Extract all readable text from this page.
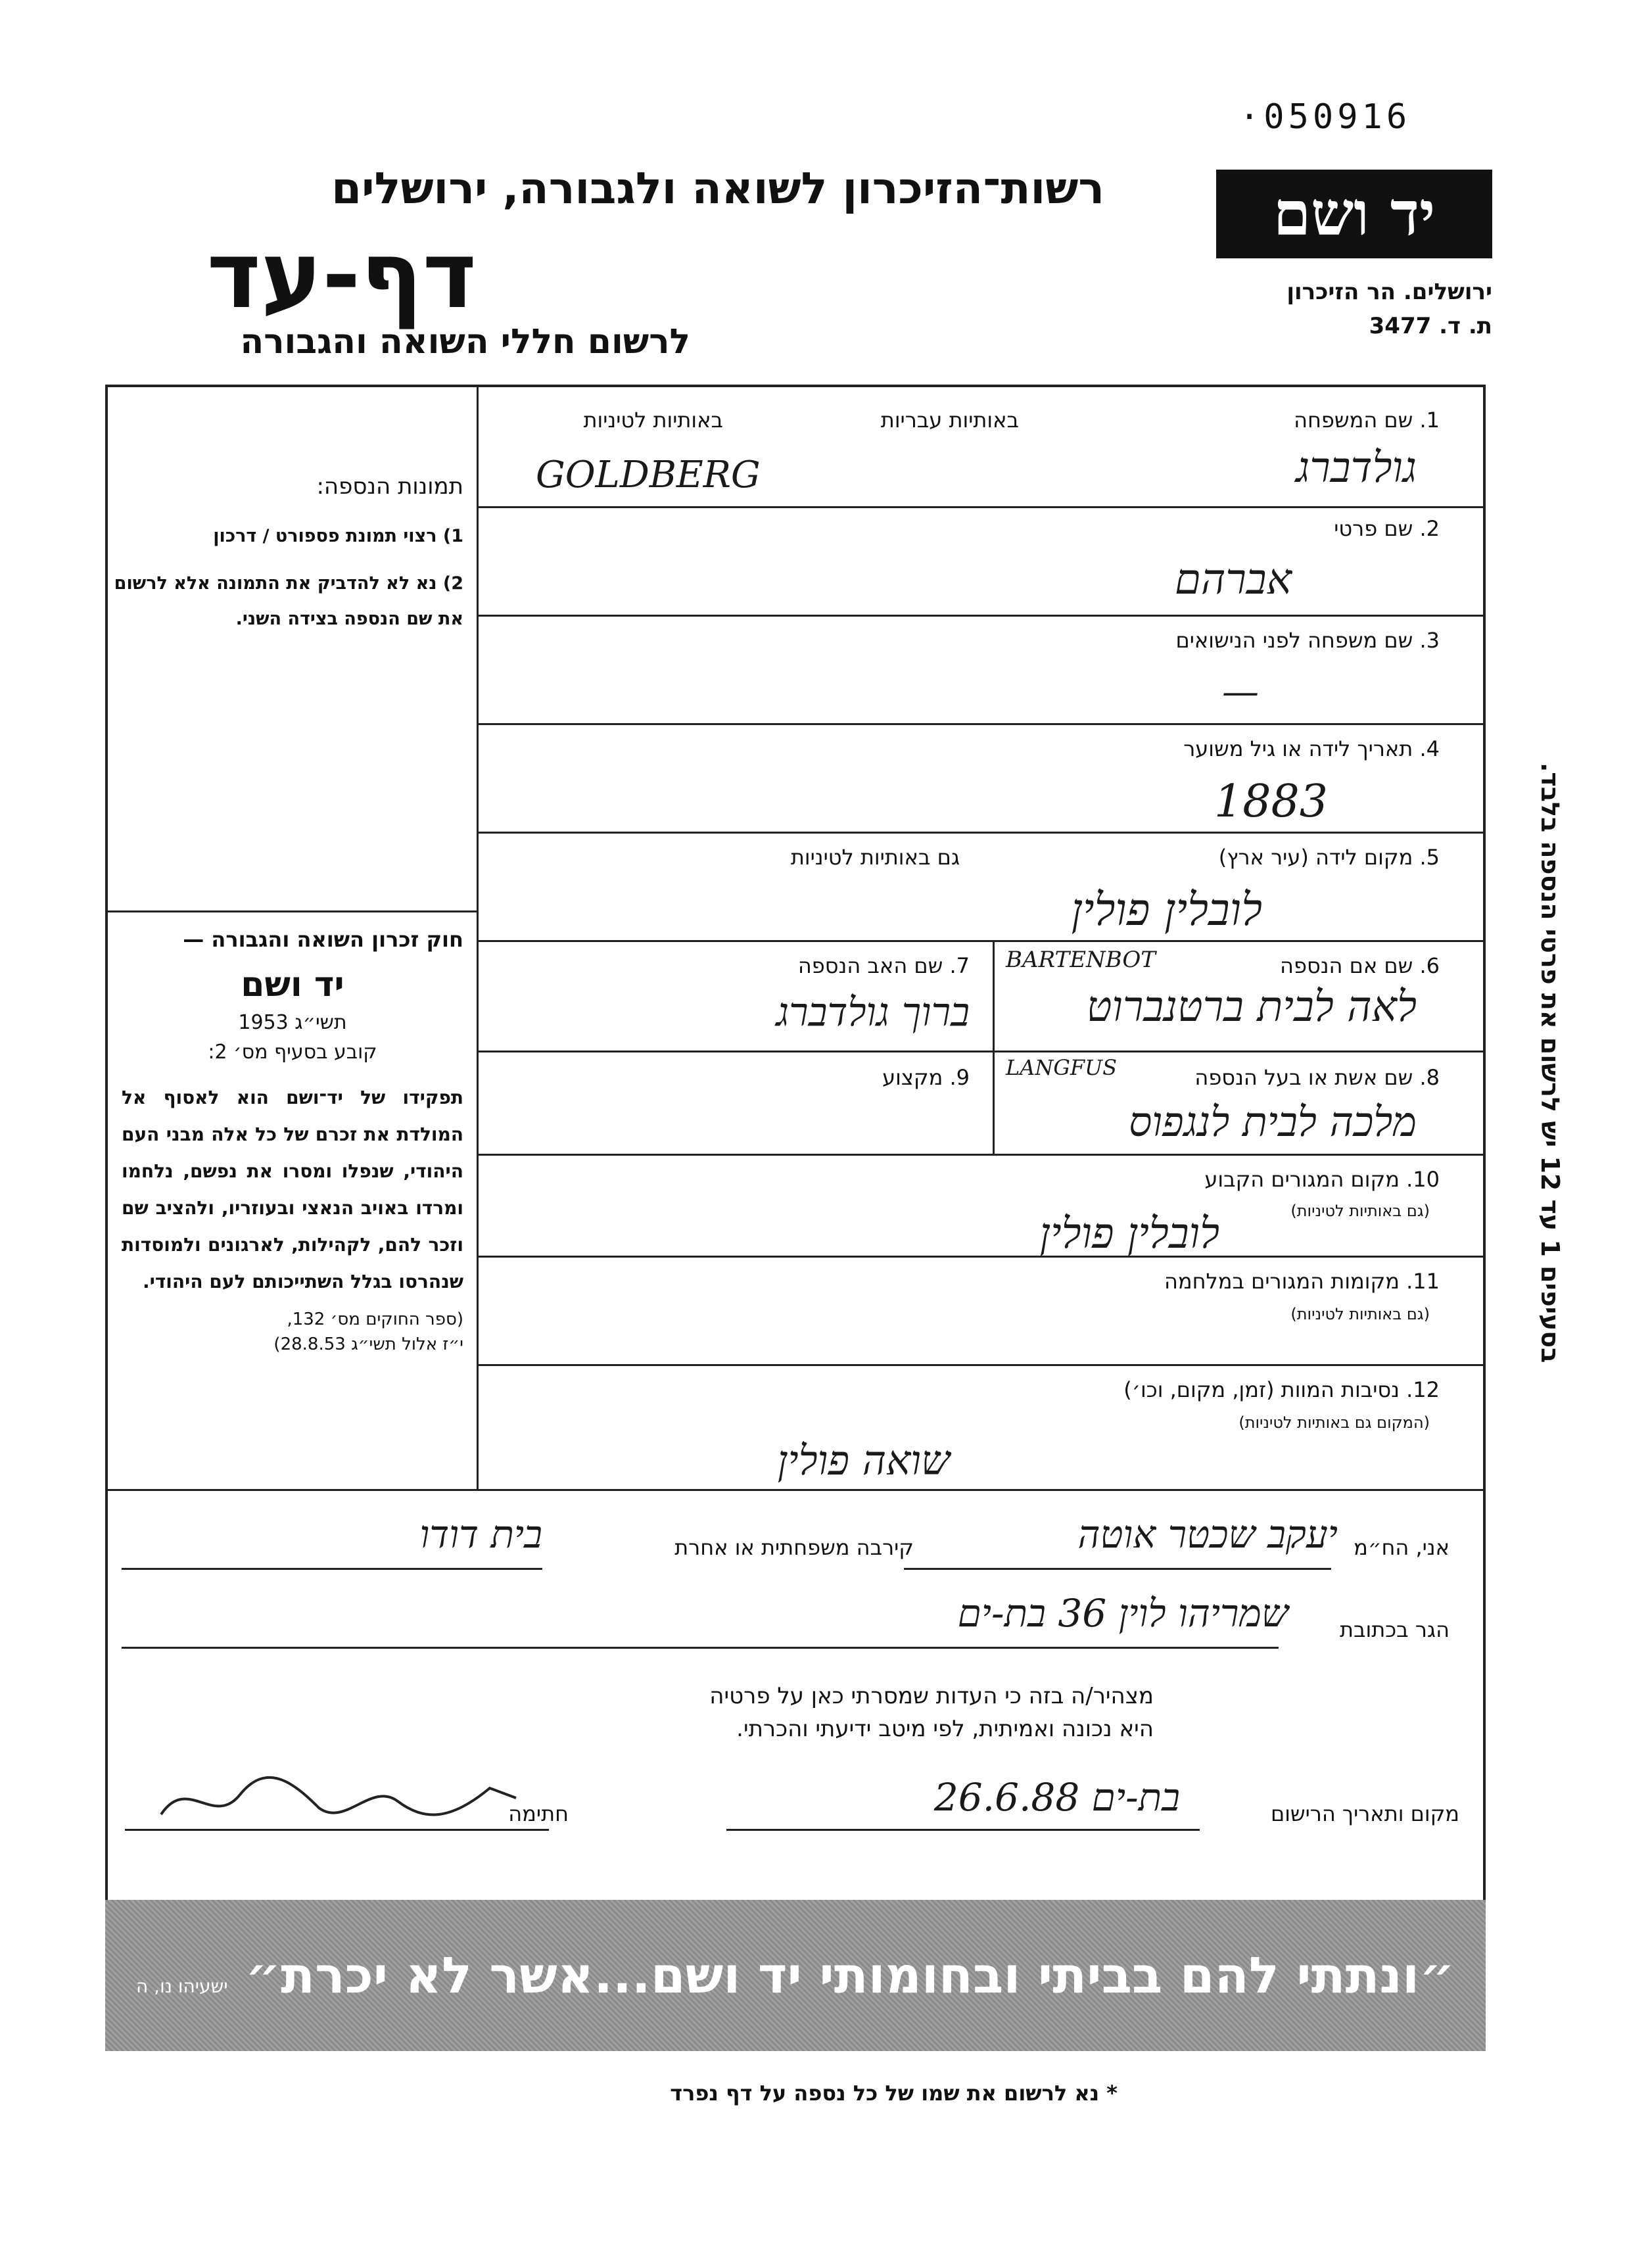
·050916
יד ושם
ירושלים. הר הזיכרון
ת. ד. 3477
רשות־הזיכרון לשואה ולגבורה, ירושלים
דף-עד
לרשום חללי השואה והגבורה
תמונות הנספה:
1) רצוי תמונת פספורט / דרכון
2) נא לא להדביק את התמונה אלא לרשום את שם הנספה בצידה השני.
חוק זכרון השואה והגבורה —
יד ושם
תשי״ג 1953
קובע בסעיף מס׳ 2:
תפקידו של יד־ושם הוא לאסוף אל המולדת את זכרם של כל אלה מבני העם היהודי, שנפלו ומסרו את נפשם, נלחמו ומרדו באויב הנאצי ובעוזריו, ולהציב שם וזכר להם, לקהילות, לארגונים ולמוסדות שנהרסו בגלל השתייכותם לעם היהודי.
(ספר החוקים מס׳ 132,
י״ז אלול תשי״ג 28.8.53)
1. שם המשפחה
באותיות עבריות
באותיות לטיניות
GOLDBERG	גולדברג
2. שם פרטי
אברהם
3. שם משפחה לפני הנישואים
—
4. תאריך לידה או גיל משוער
1883
5. מקום לידה (עיר ארץ)
גם באותיות לטיניות
לובלין פולין
6. שם אם הנספה
BARTENBOT
לאה לבית ברטנברוט
7. שם האב הנספה
ברוך גולדברג
8. שם אשת או בעל הנספה
LANGFUS
מלכה לבית לנגפוס
9. מקצוע
10. מקום המגורים הקבוע
(גם באותיות לטיניות)
לובלין פולין
11. מקומות המגורים במלחמה
(גם באותיות לטיניות)
12. נסיבות המוות (זמן, מקום, וכו׳)
(המקום גם באותיות לטיניות)
שואה פולין
אני, הח״מ
יעקב שכטר אוטה
קירבה משפחתית או אחרת
בית דודו
הגר בכתובת
שמריהו לוין 36 בת-ים
מצהיר/ה בזה כי העדות שמסרתי כאן על פרטיה
היא נכונה ואמיתית, לפי מיטב ידיעתי והכרתי.
מקום ותאריך הרישום
בת-ים 26.6.88
חתימה
״ונתתי להם בביתי ובחומותי יד ושם...אשר לא יכרת״ ישעיהו נו, ה
* נא לרשום את שמו של כל נספה על דף נפרד
בסעיפים 1 עד 12 יש לרשום את פרטי הנספה בלבד.
